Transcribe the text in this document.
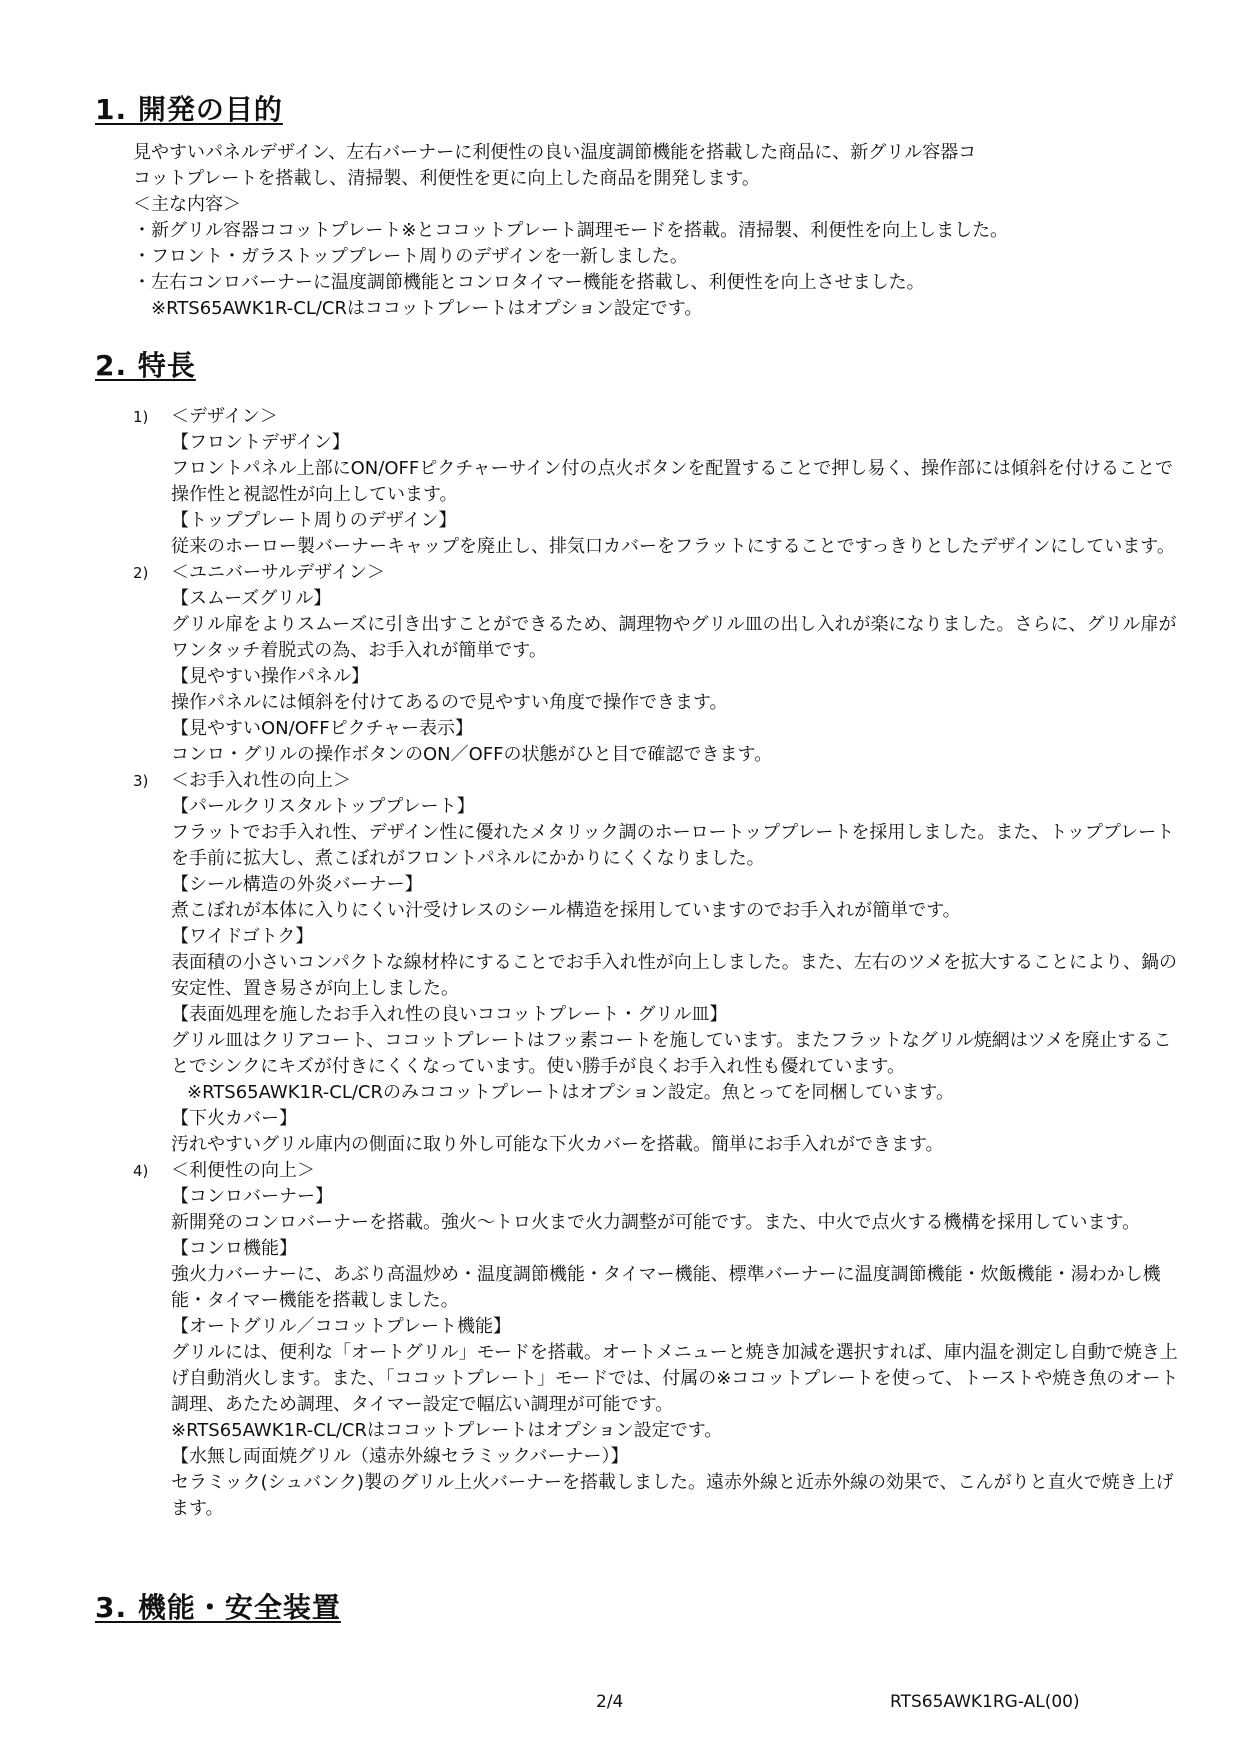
1. 開発の目的
見やすいパネルデザイン、左右バーナーに利便性の良い温度調節機能を搭載した商品に、新グリル容器コ
コットプレートを搭載し、清掃製、利便性を更に向上した商品を開発します。
＜主な内容＞
・新グリル容器ココットプレート※とココットプレート調理モードを搭載。清掃製、利便性を向上しました。
・フロント・ガラストッププレート周りのデザインを一新しました。
・左右コンロバーナーに温度調節機能とコンロタイマー機能を搭載し、利便性を向上させました。
　※RTS65AWK1R-CL/CRはココットプレートはオプション設定です。
2. 特長
1)	＜デザイン＞
【フロントデザイン】
フロントパネル上部にON/OFFピクチャーサイン付の点火ボタンを配置することで押し易く、操作部には傾斜を付けることで操作性と視認性が向上しています。
【トッププレート周りのデザイン】
従来のホーロー製バーナーキャップを廃止し、排気口カバーをフラットにすることですっきりとしたデザインにしています。
2)	＜ユニバーサルデザイン＞
【スムーズグリル】
グリル扉をよりスムーズに引き出すことができるため、調理物やグリル皿の出し入れが楽になりました。さらに、グリル扉がワンタッチ着脱式の為、お手入れが簡単です。
【見やすい操作パネル】
操作パネルには傾斜を付けてあるので見やすい角度で操作できます。
【見やすいON/OFFピクチャー表示】
コンロ・グリルの操作ボタンのON／OFFの状態がひと目で確認できます。
3)	＜お手入れ性の向上＞
【パールクリスタルトッププレート】
フラットでお手入れ性、デザイン性に優れたメタリック調のホーロートッププレートを採用しました。また、トッププレートを手前に拡大し、煮こぼれがフロントパネルにかかりにくくなりました。
【シール構造の外炎バーナー】
煮こぼれが本体に入りにくい汁受けレスのシール構造を採用していますのでお手入れが簡単です。
【ワイドゴトク】
表面積の小さいコンパクトな線材枠にすることでお手入れ性が向上しました。また、左右のツメを拡大することにより、鍋の安定性、置き易さが向上しました。
【表面処理を施したお手入れ性の良いココットプレート・グリル皿】
グリル皿はクリアコート、ココットプレートはフッ素コートを施しています。またフラットなグリル焼網はツメを廃止することでシンクにキズが付きにくくなっています。使い勝手が良くお手入れ性も優れています。
※RTS65AWK1R-CL/CRのみココットプレートはオプション設定。魚とってを同梱しています。
【下火カバー】
汚れやすいグリル庫内の側面に取り外し可能な下火カバーを搭載。簡単にお手入れができます。
4)	＜利便性の向上＞
【コンロバーナー】
新開発のコンロバーナーを搭載。強火～トロ火まで火力調整が可能です。また、中火で点火する機構を採用しています。
【コンロ機能】
強火力バーナーに、あぶり高温炒め・温度調節機能・タイマー機能、標準バーナーに温度調節機能・炊飯機能・湯わかし機能・タイマー機能を搭載しました。
【オートグリル／ココットプレート機能】
グリルには、便利な「オートグリル」モードを搭載。オートメニューと焼き加減を選択すれば、庫内温を測定し自動で焼き上げ自動消火します。また、「ココットプレート」モードでは、付属の※ココットプレートを使って、トーストや焼き魚のオート調理、あたため調理、タイマー設定で幅広い調理が可能です。
※RTS65AWK1R-CL/CRはココットプレートはオプション設定です。
【水無し両面焼グリル（遠赤外線セラミックバーナー）】
セラミック(シュバンク)製のグリル上火バーナーを搭載しました。遠赤外線と近赤外線の効果で、こんがりと直火で焼き上げます。
3. 機能・安全装置
2/4	RTS65AWK1RG-AL(00)
